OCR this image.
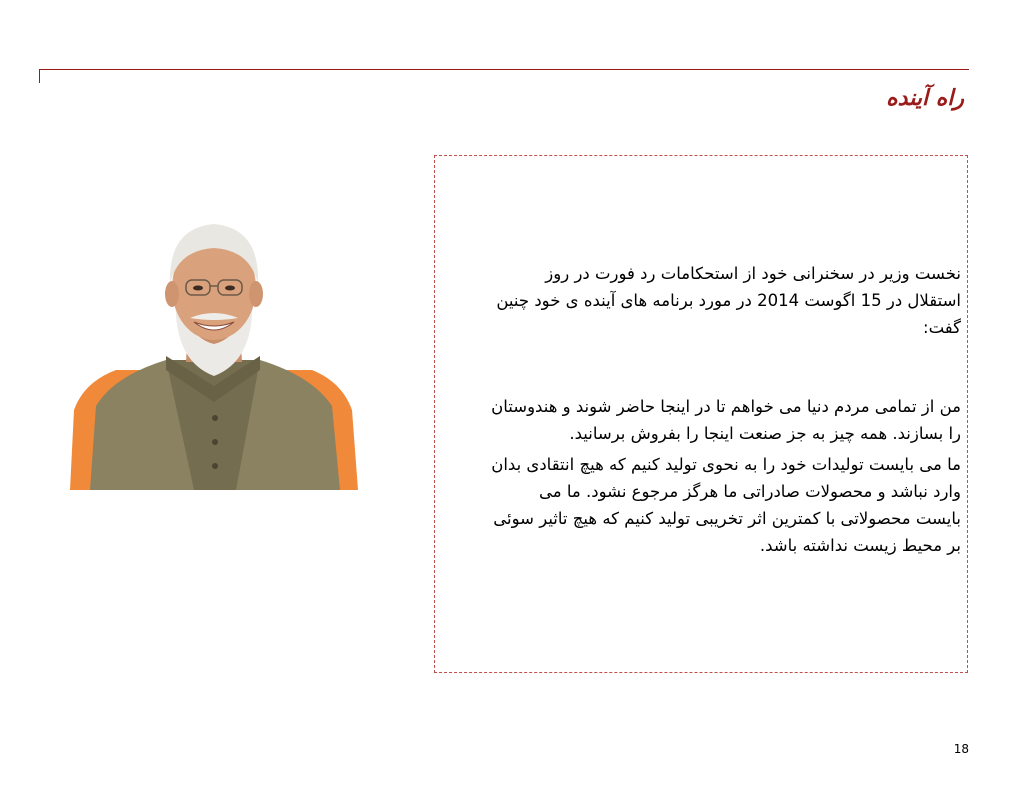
راه آینده

نخست وزیر در سخنرانی خود از استحکامات رد فورت در روز

استقلال در 15 اگوست 2014 در مورد برنامه های آینده ی خود چنین

گفت:

من از تمامی مردم دنیا می خواهم تا در اینجا حاضر شوند و هندوستان

را بسازند. همه چیز به جز صنعت اینجا را بفروش برسانید.

ما می بایست تولیدات خود را به نحوی تولید کنیم که هیچ انتقادی بدان

وارد نباشد و محصولات صادراتی ما هرگز مرجوع نشود. ما می

بایست محصولاتی با کمترین اثر تخریبی تولید کنیم که هیچ تاثیر سوئی

بر محیط زیست نداشته باشد.

18
